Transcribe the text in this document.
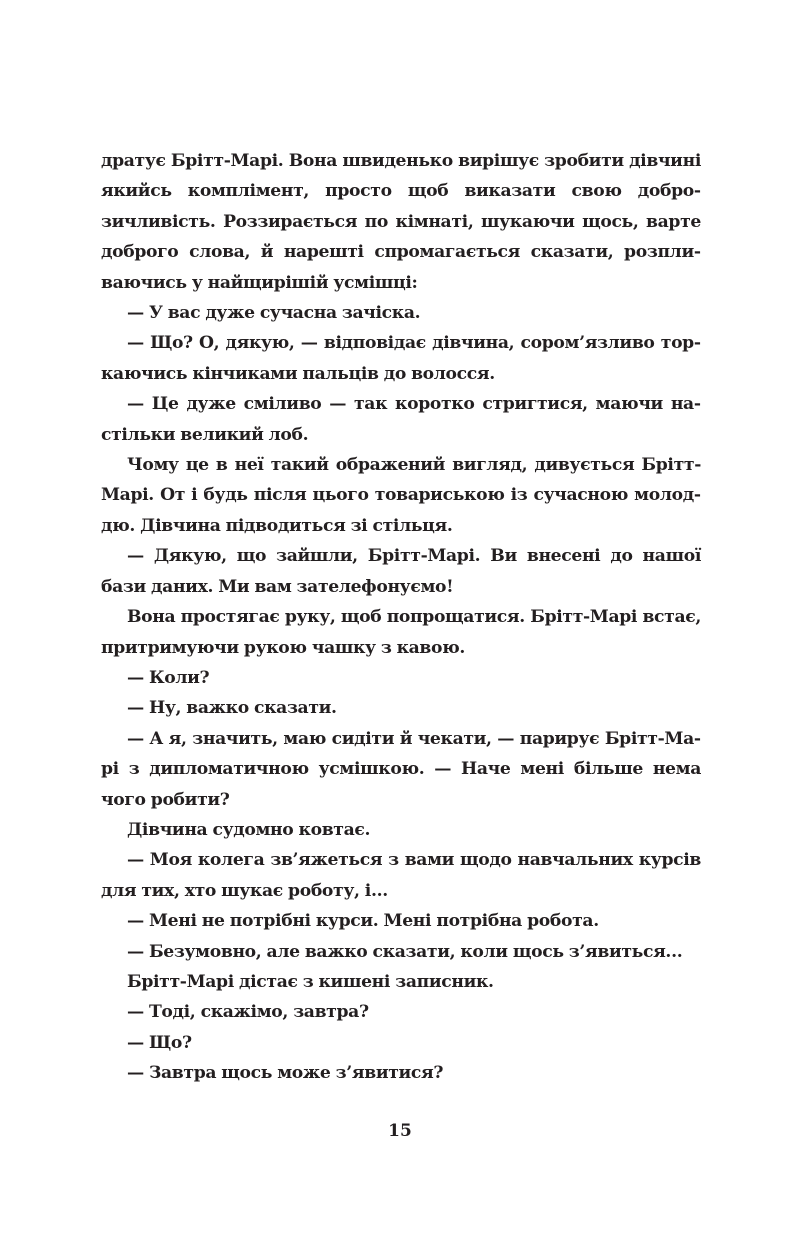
дратує Брітт-Марі. Вона швиденько вирішує зробити дівчині якийсь комплімент, просто щоб виказати свою доброзичливість. Роззирається по кімнаті, шукаючи щось, варте доброго слова, й нарешті спромагається сказати, розпливаючись у найщирішій усмішці:

— У вас дуже сучасна зачіска.

— Що? О, дякую, — відповідає дівчина, сором’язливо торкаючись кінчиками пальців до волосся.

— Це дуже сміливо — так коротко стригтися, маючи настільки великий лоб.

Чому це в неї такий ображений вигляд, дивується Брітт-Марі. От і будь після цього товариською із сучасною молоддю. Дівчина підводиться зі стільця.

— Дякую, що зайшли, Брітт-Марі. Ви внесені до нашої бази даних. Ми вам зателефонуємо!

Вона простягає руку, щоб попрощатися. Брітт-Марі встає, притримуючи рукою чашку з кавою.

— Коли?

— Ну, важко сказати.

— А я, значить, маю сидіти й чекати, — парирує Брітт-Марі з дипломатичною усмішкою. — Наче мені більше нема чого робити?

Дівчина судомно ковтає.

— Моя колега зв’яжеться з вами щодо навчальних курсів для тих, хто шукає роботу, і...

— Мені не потрібні курси. Мені потрібна робота.

— Безумовно, але важко сказати, коли щось з’явиться...

Брітт-Марі дістає з кишені записник.

— Тоді, скажімо, завтра?

— Що?

— Завтра щось може з’явитися?

15
